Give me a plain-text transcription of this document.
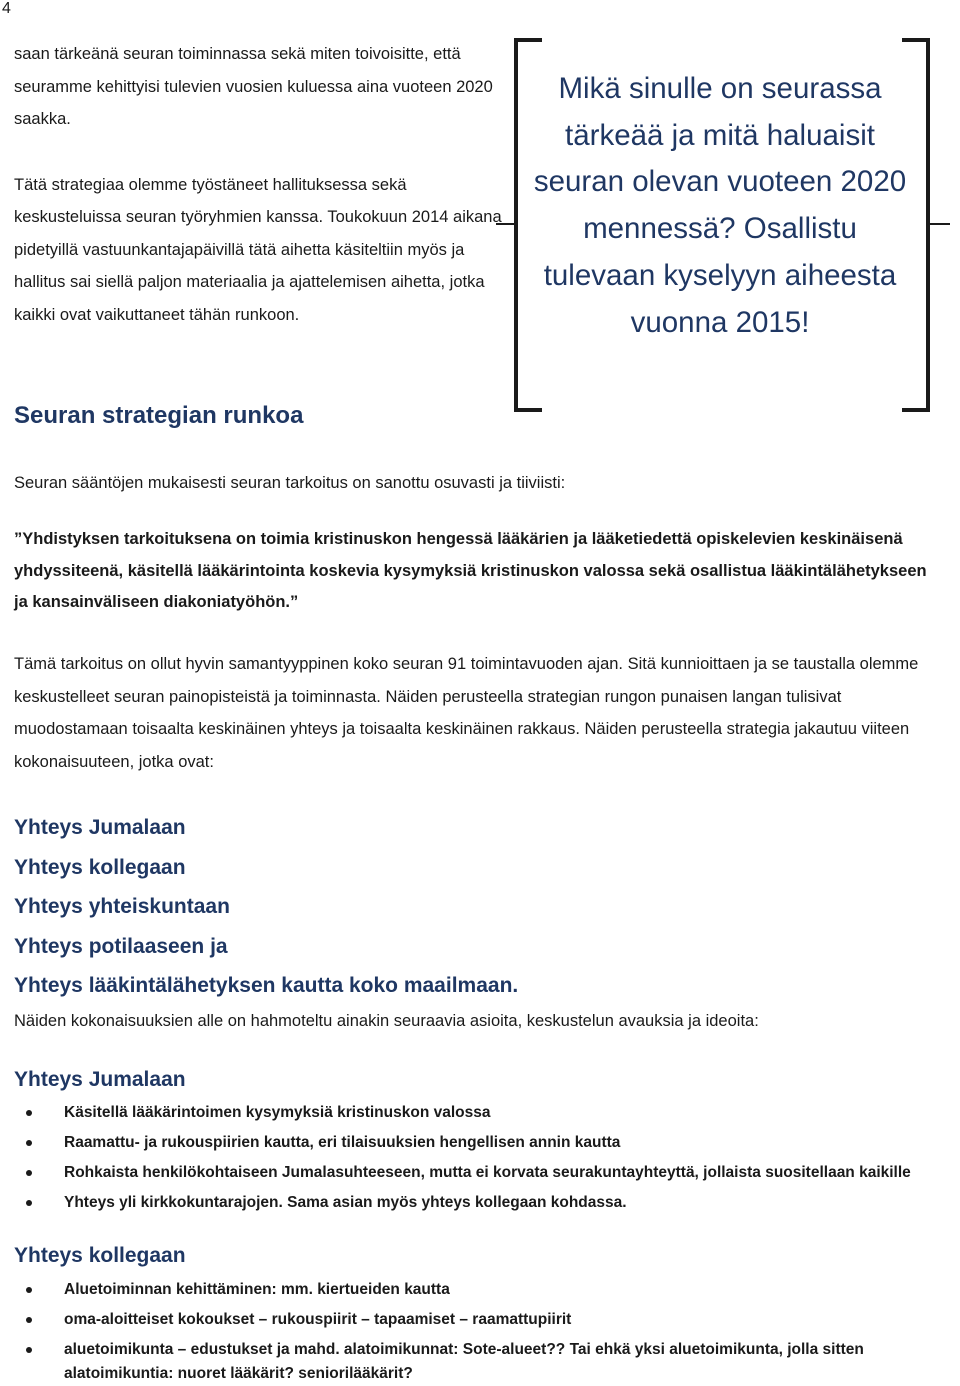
4

saan tärkeänä seuran toiminnassa sekä miten toivoisitte, että seuramme kehittyisi tulevien vuosien kuluessa aina vuoteen 2020 saakka.

Tätä strategiaa olemme työstäneet hallituksessa sekä keskusteluissa seuran työryhmien kanssa. Toukokuun 2014 aikana pidetyillä vastuunkantajapäivillä tätä aihetta käsiteltiin myös ja hallitus sai siellä paljon materiaalia ja ajattelemisen aihetta, jotka kaikki ovat vaikuttaneet tähän runkoon.

Mikä sinulle on seurassa tärkeää ja mitä haluaisit seuran olevan vuoteen 2020 mennessä? Osallistu tulevaan kyselyyn aiheesta vuonna 2015!
Seuran strategian runkoa
Seuran sääntöjen mukaisesti seuran tarkoitus on sanottu osuvasti ja tiiviisti:
”Yhdistyksen tarkoituksena on toimia kristinuskon hengessä lääkärien ja lääketiedettä opiskelevien keskinäisenä yhdyssiteenä, käsitellä lääkärintointa koskevia kysymyksiä kristinuskon valossa sekä osallistua lääkintälähetykseen ja kansainväliseen diakoniatyöhön.”
Tämä tarkoitus on ollut hyvin samantyyppinen koko seuran 91 toimintavuoden ajan. Sitä kunnioittaen ja se taustalla olemme keskustelleet seuran painopisteistä ja toiminnasta. Näiden perusteella strategian rungon punaisen langan tulisivat muodostamaan toisaalta keskinäinen yhteys ja toisaalta keskinäinen rakkaus. Näiden perusteella strategia jakautuu viiteen kokonaisuuteen, jotka ovat:
Yhteys Jumalaan
Yhteys kollegaan
Yhteys yhteiskuntaan
Yhteys potilaaseen ja
Yhteys lääkintälähetyksen kautta koko maailmaan.
Näiden kokonaisuuksien alle on hahmoteltu ainakin seuraavia asioita, keskustelun avauksia ja ideoita:
Yhteys Jumalaan
Käsitellä lääkärintoimen kysymyksiä kristinuskon valossa
Raamattu- ja rukouspiirien kautta, eri tilaisuuksien hengellisen annin kautta
Rohkaista henkilökohtaiseen Jumalasuhteeseen, mutta ei korvata seurakuntayhteyttä, jollaista suositellaan kaikille
Yhteys yli kirkkokuntarajojen. Sama asian myös yhteys kollegaan kohdassa.
Yhteys kollegaan
Aluetoiminnan kehittäminen: mm. kiertueiden kautta
oma-aloitteiset kokoukset – rukouspiirit – tapaamiset – raamattupiirit
aluetoimikunta – edustukset ja mahd. alatoimikunnat: Sote-alueet?? Tai ehkä yksi aluetoimikunta, jolla sitten alatoimikuntia: nuoret lääkärit? seniorilääkärit?
